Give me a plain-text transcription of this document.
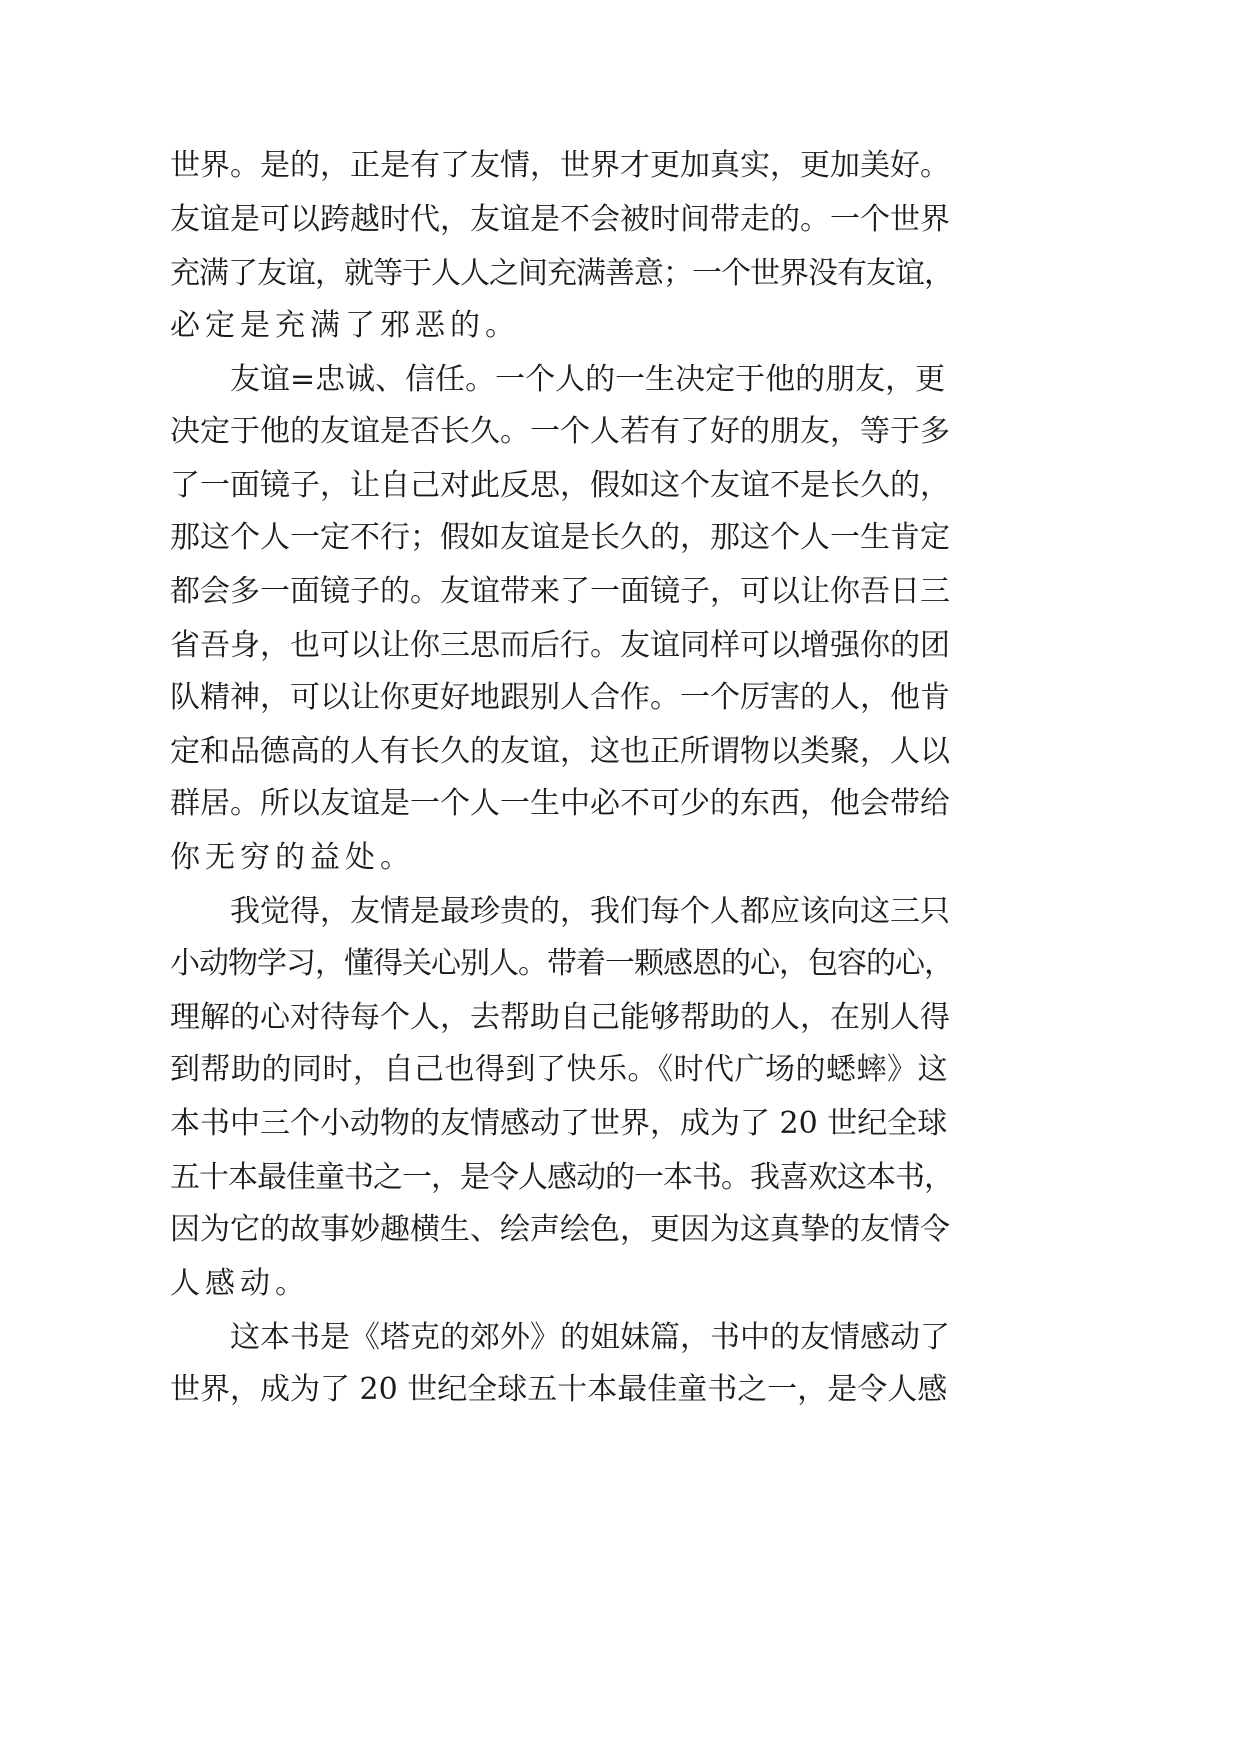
世界。是的，正是有了友情，世界才更加真实，更加美好。
友谊是可以跨越时代，友谊是不会被时间带走的。一个世界
充满了友谊，就等于人人之间充满善意；一个世界没有友谊，
必定是充满了邪恶的。
友谊=忠诚、信任。一个人的一生决定于他的朋友，更
决定于他的友谊是否长久。一个人若有了好的朋友，等于多
了一面镜子，让自己对此反思，假如这个友谊不是长久的，
那这个人一定不行；假如友谊是长久的，那这个人一生肯定
都会多一面镜子的。友谊带来了一面镜子，可以让你吾日三
省吾身，也可以让你三思而后行。友谊同样可以增强你的团
队精神，可以让你更好地跟别人合作。一个厉害的人，他肯
定和品德高的人有长久的友谊，这也正所谓物以类聚，人以
群居。所以友谊是一个人一生中必不可少的东西，他会带给
你无穷的益处。
我觉得，友情是最珍贵的，我们每个人都应该向这三只
小动物学习，懂得关心别人。带着一颗感恩的心，包容的心，
理解的心对待每个人，去帮助自己能够帮助的人，在别人得
到帮助的同时，自己也得到了快乐。《时代广场的蟋蟀》这
本书中三个小动物的友情感动了世界，成为了 20 世纪全球
五十本最佳童书之一，是令人感动的一本书。我喜欢这本书，
因为它的故事妙趣横生、绘声绘色，更因为这真挚的友情令
人感动。
这本书是《塔克的郊外》的姐妹篇，书中的友情感动了
世界，成为了 20 世纪全球五十本最佳童书之一，是令人感
